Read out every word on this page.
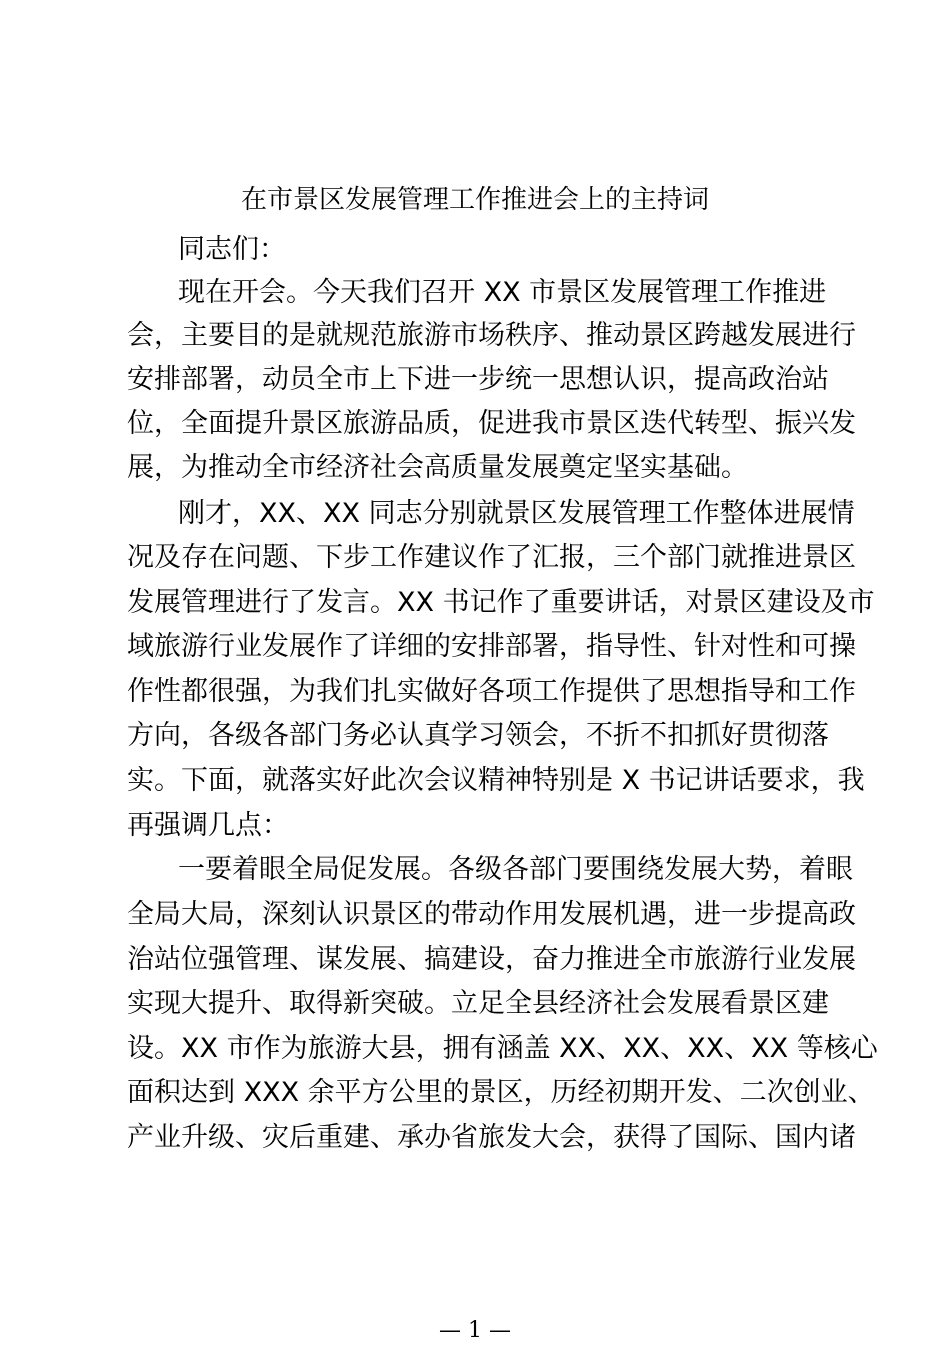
在市景区发展管理工作推进会上的主持词

同志们：

现在开会。今天我们召开 XX 市景区发展管理工作推进

会，主要目的是就规范旅游市场秩序、推动景区跨越发展进行

安排部署，动员全市上下进一步统一思想认识，提高政治站

位，全面提升景区旅游品质，促进我市景区迭代转型、振兴发

展，为推动全市经济社会高质量发展奠定坚实基础。

刚才，XX、XX 同志分别就景区发展管理工作整体进展情

况及存在问题、下步工作建议作了汇报，三个部门就推进景区

发展管理进行了发言。XX 书记作了重要讲话，对景区建设及市

域旅游行业发展作了详细的安排部署，指导性、针对性和可操

作性都很强，为我们扎实做好各项工作提供了思想指导和工作

方向，各级各部门务必认真学习领会，不折不扣抓好贯彻落

实。下面，就落实好此次会议精神特别是 X 书记讲话要求，我

再强调几点：

一要着眼全局促发展。各级各部门要围绕发展大势，着眼

全局大局，深刻认识景区的带动作用发展机遇，进一步提高政

治站位强管理、谋发展、搞建设，奋力推进全市旅游行业发展

实现大提升、取得新突破。立足全县经济社会发展看景区建

设。XX 市作为旅游大县，拥有涵盖 XX、XX、XX、XX 等核心

面积达到 XXX 余平方公里的景区，历经初期开发、二次创业、

产业升级、灾后重建、承办省旅发大会，获得了国际、国内诸

— 1 —
